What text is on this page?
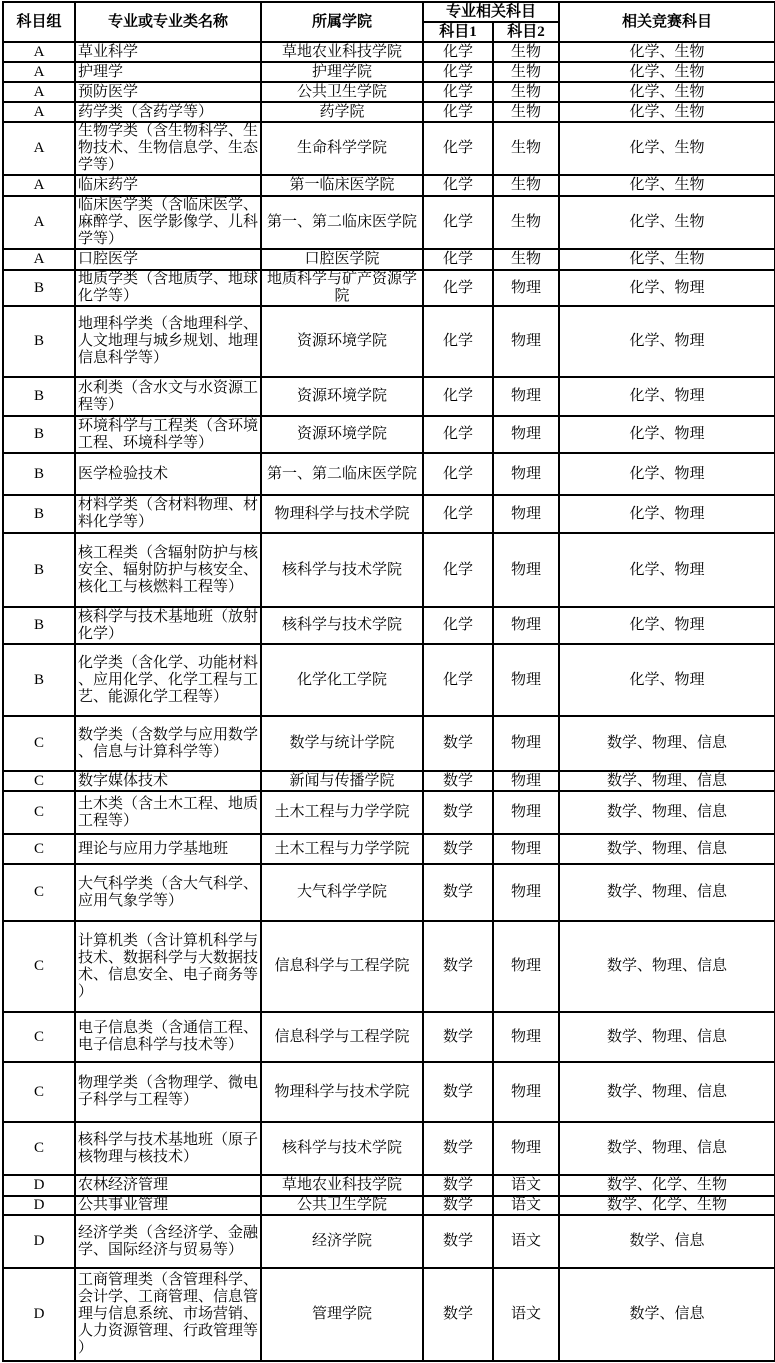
科目组	专业或专业类名称	所属学院	专业相关科目		相关竞赛科目
			科目1	科目2	
A	草业科学	草地农业科技学院	化学	生物	化学、生物
A	护理学	护理学院	化学	生物	化学、生物
A	预防医学	公共卫生学院	化学	生物	化学、生物
A	药学类（含药学等）	药学院	化学	生物	化学、生物
A	生物学类（含生物科学、生物技术、生物信息学、生态学等）	生命科学学院	化学	生物	化学、生物
A	临床药学	第一临床医学院	化学	生物	化学、生物
A	临床医学类（含临床医学、麻醉学、医学影像学、儿科学等）	第一、第二临床医学院	化学	生物	化学、生物
A	口腔医学	口腔医学院	化学	生物	化学、生物
B	地质学类（含地质学、地球化学等）	地质科学与矿产资源学院	化学	物理	化学、物理
B	地理科学类（含地理科学、人文地理与城乡规划、地理信息科学等）	资源环境学院	化学	物理	化学、物理
B	水利类（含水文与水资源工程等）	资源环境学院	化学	物理	化学、物理
B	环境科学与工程类（含环境工程、环境科学等）	资源环境学院	化学	物理	化学、物理
B	医学检验技术	第一、第二临床医学院	化学	物理	化学、物理
B	材料学类（含材料物理、材料化学等）	物理科学与技术学院	化学	物理	化学、物理
B	核工程类（含辐射防护与核安全、辐射防护与核安全、核化工与核燃料工程等）	核科学与技术学院	化学	物理	化学、物理
B	核科学与技术基地班（放射化学）	核科学与技术学院	化学	物理	化学、物理
B	化学类（含化学、功能材料、应用化学、化学工程与工艺、能源化学工程等）	化学化工学院	化学	物理	化学、物理
C	数学类（含数学与应用数学、信息与计算科学等）	数学与统计学院	数学	物理	数学、物理、信息
C	数字媒体技术	新闻与传播学院	数学	物理	数学、物理、信息
C	土木类（含土木工程、地质工程等）	土木工程与力学学院	数学	物理	数学、物理、信息
C	理论与应用力学基地班	土木工程与力学学院	数学	物理	数学、物理、信息
C	大气科学类（含大气科学、应用气象学等）	大气科学学院	数学	物理	数学、物理、信息
C	计算机类（含计算机科学与技术、数据科学与大数据技术、信息安全、电子商务等）	信息科学与工程学院	数学	物理	数学、物理、信息
C	电子信息类（含通信工程、电子信息科学与技术等）	信息科学与工程学院	数学	物理	数学、物理、信息
C	物理学类（含物理学、微电子科学与工程等）	物理科学与技术学院	数学	物理	数学、物理、信息
C	核科学与技术基地班（原子核物理与核技术）	核科学与技术学院	数学	物理	数学、物理、信息
D	农林经济管理	草地农业科技学院	数学	语文	数学、化学、生物
D	公共事业管理	公共卫生学院	数学	语文	数学、化学、生物
D	经济学类（含经济学、金融学、国际经济与贸易等）	经济学院	数学	语文	数学、信息
D	工商管理类（含管理科学、会计学、工商管理、信息管理与信息系统、市场营销、人力资源管理、行政管理等）	管理学院	数学	语文	数学、信息
